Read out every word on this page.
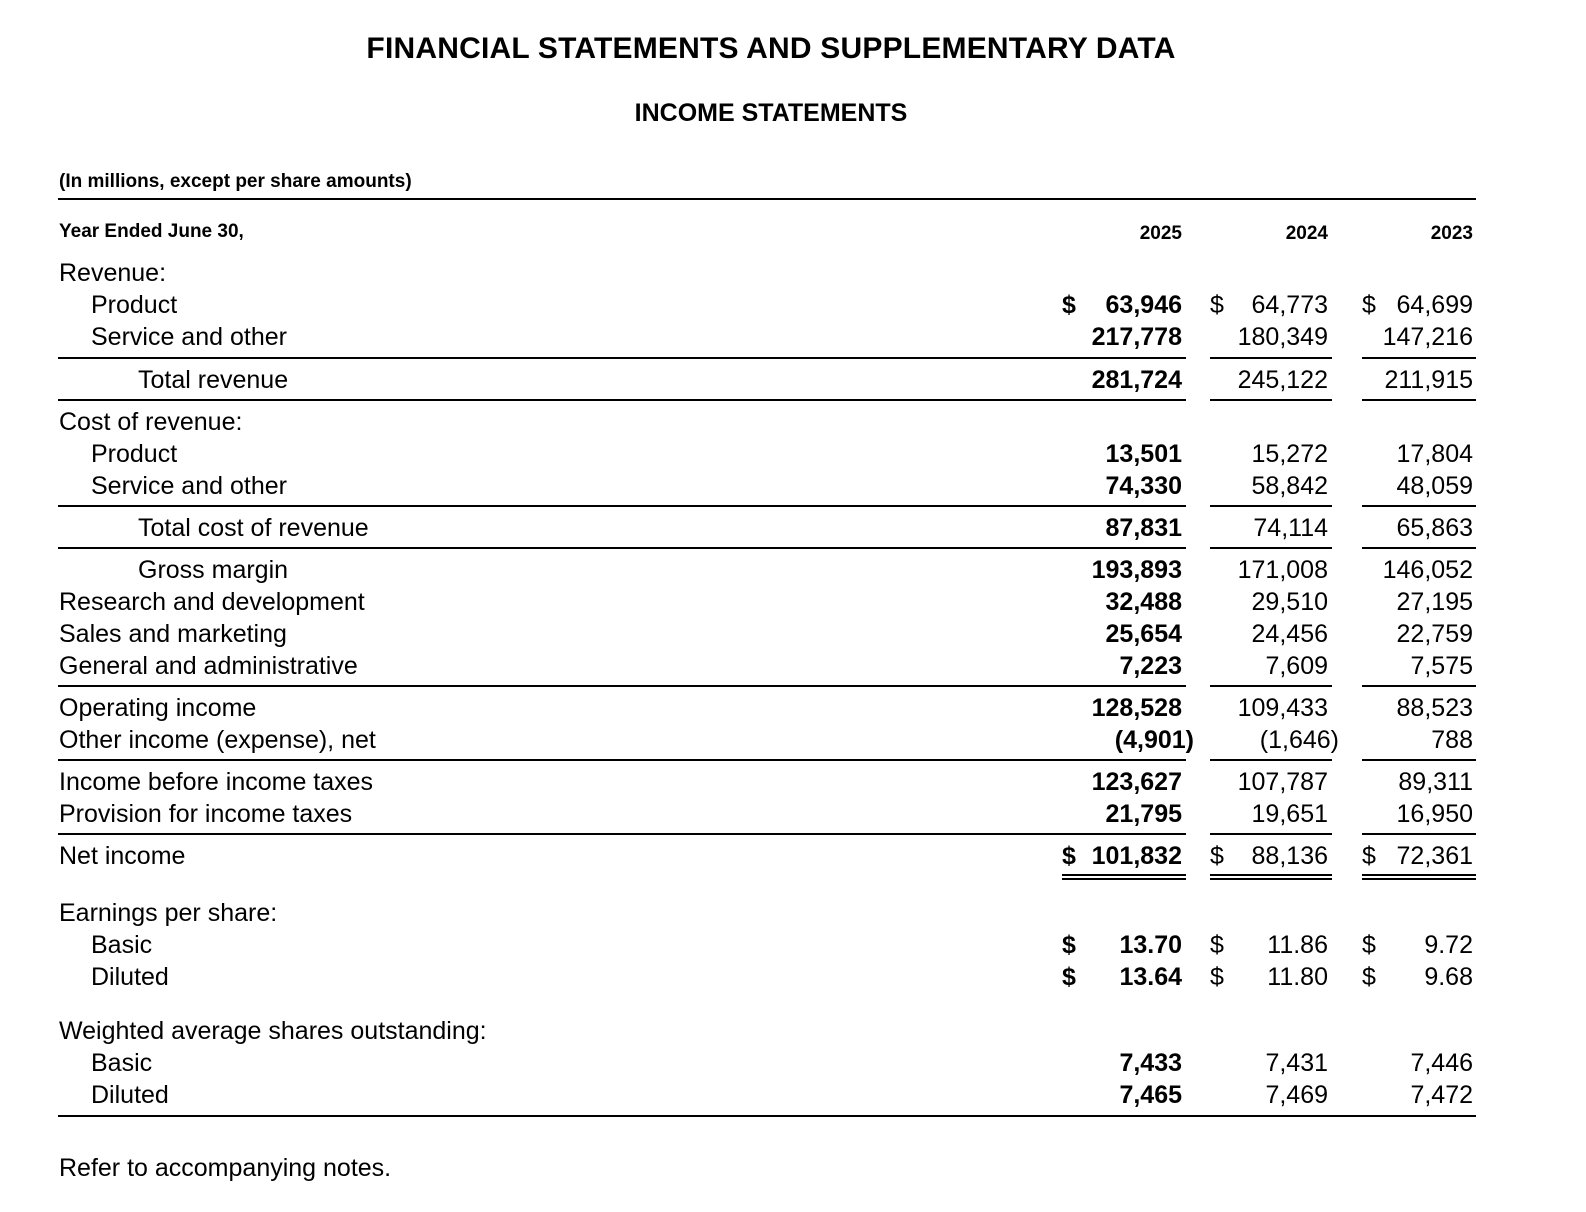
FINANCIAL STATEMENTS AND SUPPLEMENTARY DATA
INCOME STATEMENTS
(In millions, except per share amounts)
Year Ended June 30,	2025	2024	2023
Revenue:
Product	$ 63,946 $ 64,773 $ 64,699
Service and other	217,778 180,349 147,216
Total revenue	281,724 245,122 211,915
Cost of revenue:
Product	13,501	15,272	17,804
Service and other	74,330	58,842	48,059
Total cost of revenue	87,831	74,114	65,863
Gross margin	193,893 171,008 146,052
Research and development	32,488	29,510	27,195
Sales and marketing	25,654	24,456	22,759
General and administrative	7,223	7,609	7,575
Operating income	128,528 109,433	88,523
Other income (expense), net	(4,901)	(1,646)	788
Income before income taxes	123,627 107,787	89,311
Provision for income taxes	21,795	19,651	16,950
Net income	$ 101,832 $ 88,136 $ 72,361
Earnings per share:
Basic	$ 13.70 $ 11.86 $ 9.72
Diluted	$ 13.64 $ 11.80 $ 9.68
Weighted average shares outstanding:
Basic	7,433	7,431	7,446
Diluted	7,465	7,469	7,472
Refer to accompanying notes.
